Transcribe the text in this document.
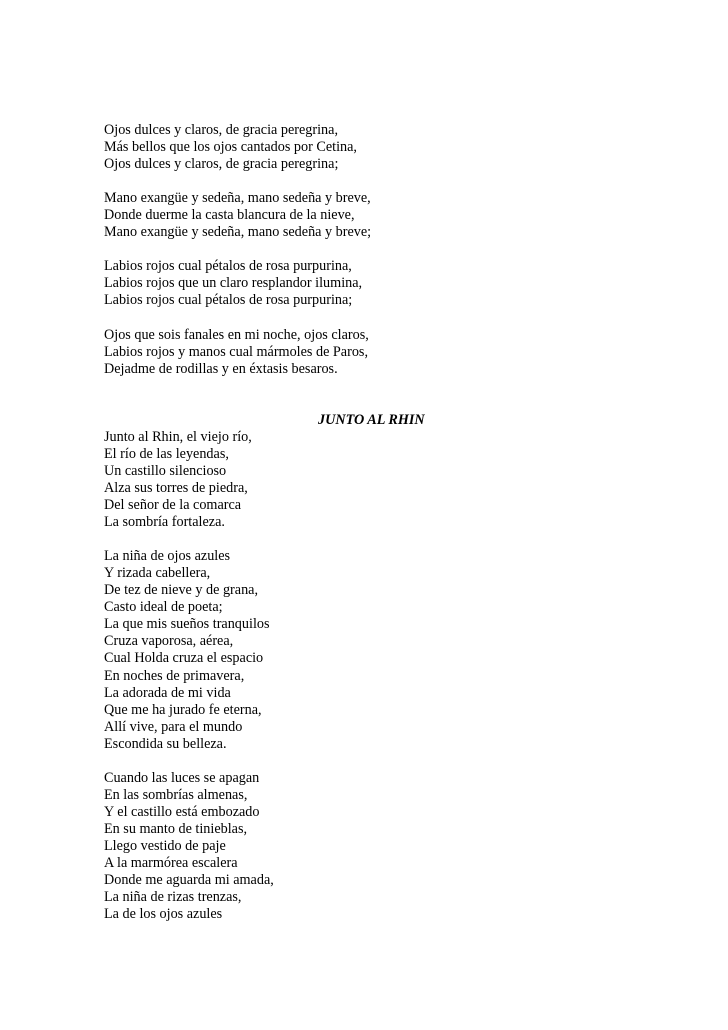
Ojos dulces y claros, de gracia peregrina,
Más bellos que los ojos cantados por Cetina,
Ojos dulces y claros, de gracia peregrina;
Mano exangüe y sedeña, mano sedeña y breve,
Donde duerme la casta blancura de la nieve,
Mano exangüe y sedeña, mano sedeña y breve;
Labios rojos cual pétalos de rosa purpurina,
Labios rojos que un claro resplandor ilumina,
Labios rojos cual pétalos de rosa purpurina;
Ojos que sois fanales en mi noche, ojos claros,
Labios rojos y manos cual mármoles de Paros,
Dejadme de rodillas y en éxtasis besaros.
JUNTO AL RHIN
Junto al Rhin, el viejo río,
El río de las leyendas,
Un castillo silencioso
Alza sus torres de piedra,
Del señor de la comarca
La sombría fortaleza.
La niña de ojos azules
Y rizada cabellera,
De tez de nieve y de grana,
Casto ideal de poeta;
La que mis sueños tranquilos
Cruza vaporosa, aérea,
Cual Holda cruza el espacio
En noches de primavera,
La adorada de mi vida
Que me ha jurado fe eterna,
Allí vive, para el mundo
Escondida su belleza.
Cuando las luces se apagan
En las sombrías almenas,
Y el castillo está embozado
En su manto de tinieblas,
Llego vestido de paje
A la marmórea escalera
Donde me aguarda mi amada,
La niña de rizas trenzas,
La de los ojos azules
